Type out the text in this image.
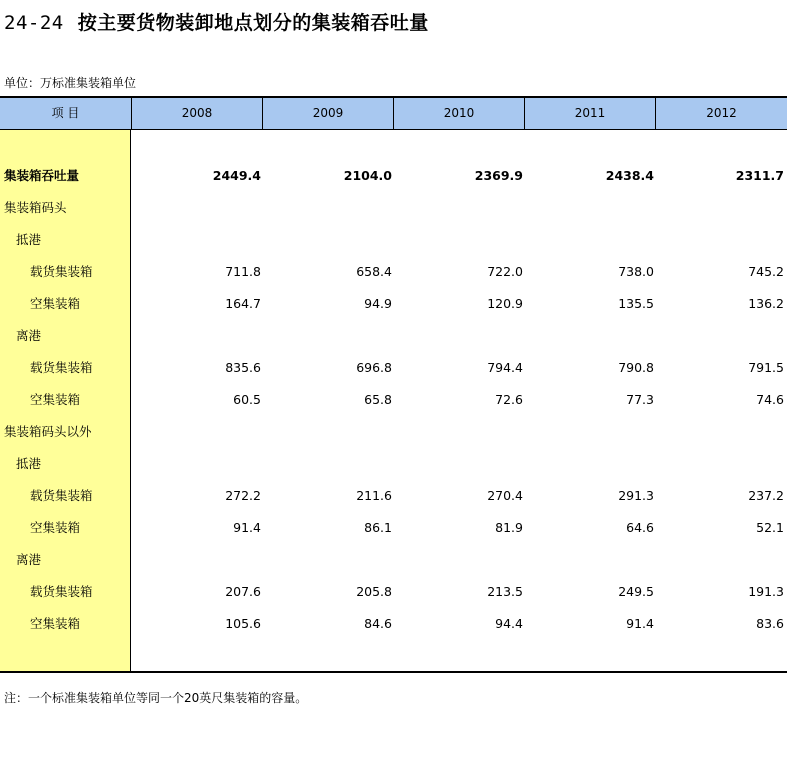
24-24 按主要货物装卸地点划分的集装箱吞吐量
单位：万标准集装箱单位
项 目	2008	2009	2010	2011	2012
集装箱吞吐量	2449.4	2104.0	2369.9	2438.4	2311.7
集装箱码头
抵港
载货集装箱	711.8	658.4	722.0	738.0	745.2
空集装箱	164.7	94.9	120.9	135.5	136.2
离港
载货集装箱	835.6	696.8	794.4	790.8	791.5
空集装箱	60.5	65.8	72.6	77.3	74.6
集装箱码头以外
抵港
载货集装箱	272.2	211.6	270.4	291.3	237.2
空集装箱	91.4	86.1	81.9	64.6	52.1
离港
载货集装箱	207.6	205.8	213.5	249.5	191.3
空集装箱	105.6	84.6	94.4	91.4	83.6
注：一个标准集装箱单位等同一个20英尺集装箱的容量。
